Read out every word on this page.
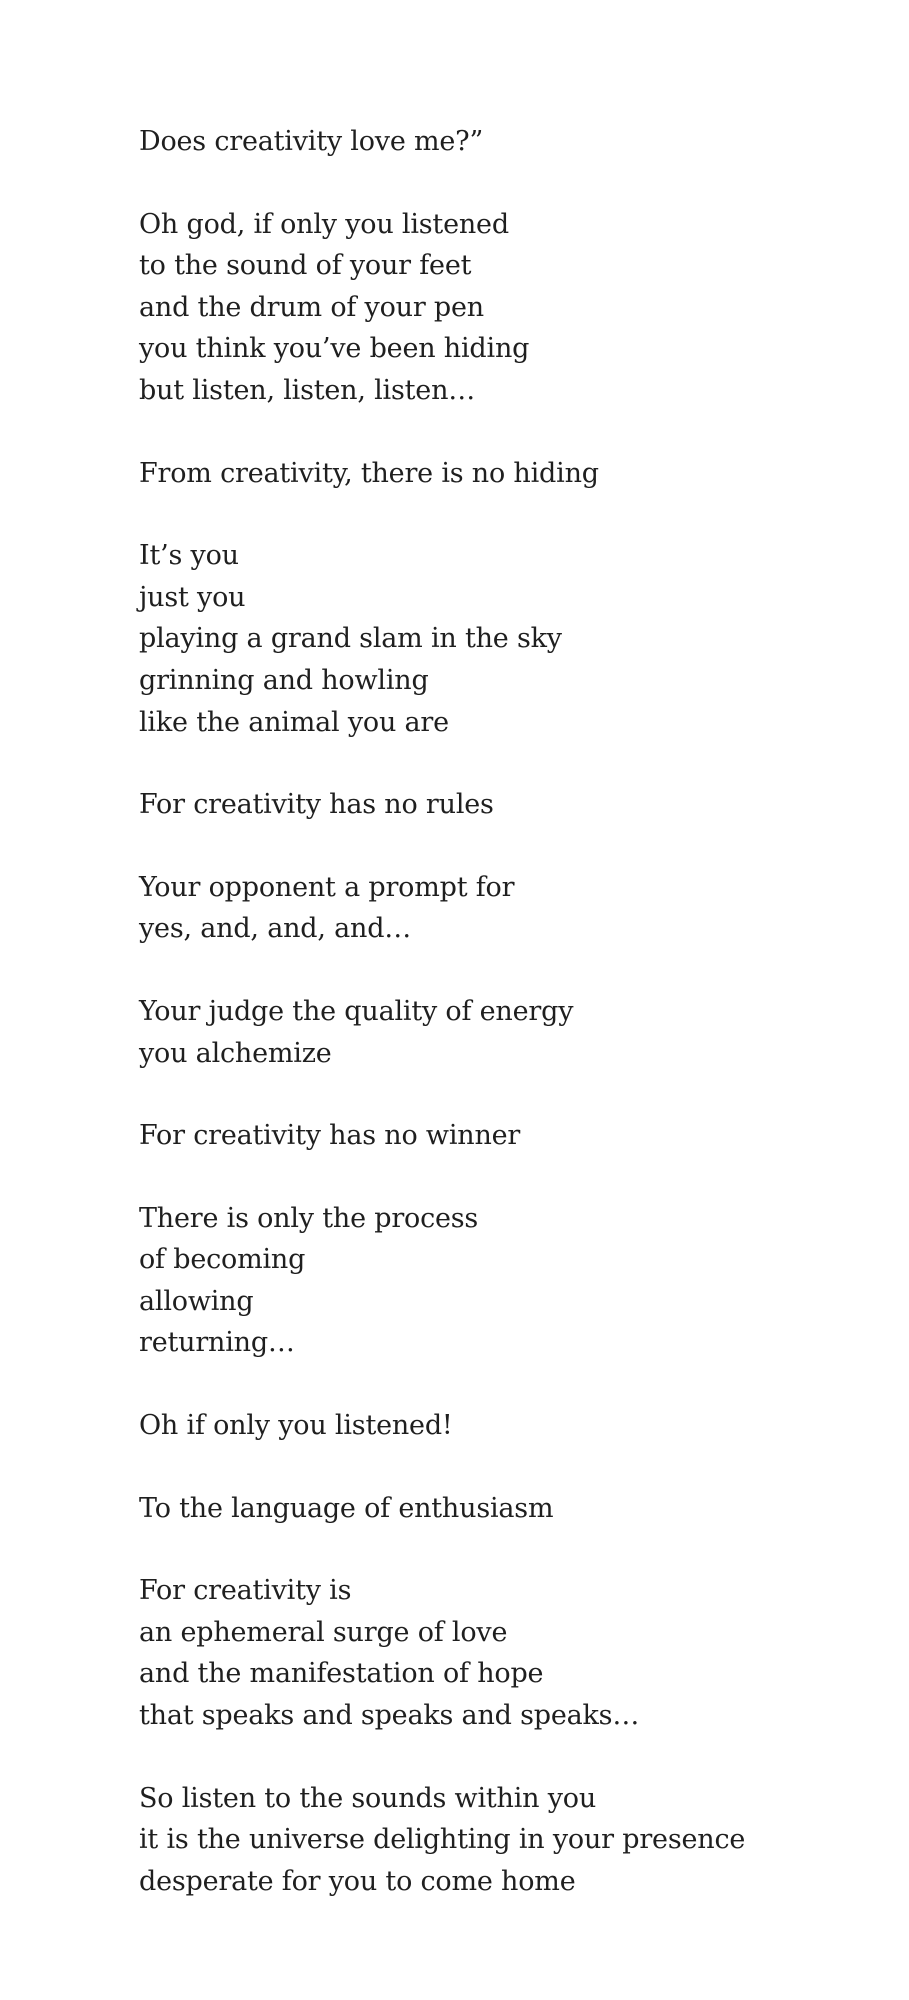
Does creativity love me?”
Oh god, if only you listened
to the sound of your feet
and the drum of your pen
you think you’ve been hiding
but listen, listen, listen…
From creativity, there is no hiding
It’s you
just you
playing a grand slam in the sky
grinning and howling
like the animal you are
For creativity has no rules
Your opponent a prompt for
yes, and, and, and…
Your judge the quality of energy
you alchemize
For creativity has no winner
There is only the process
of becoming
allowing
returning…
Oh if only you listened!
To the language of enthusiasm
For creativity is
an ephemeral surge of love
and the manifestation of hope
that speaks and speaks and speaks…
So listen to the sounds within you
it is the universe delighting in your presence
desperate for you to come home
